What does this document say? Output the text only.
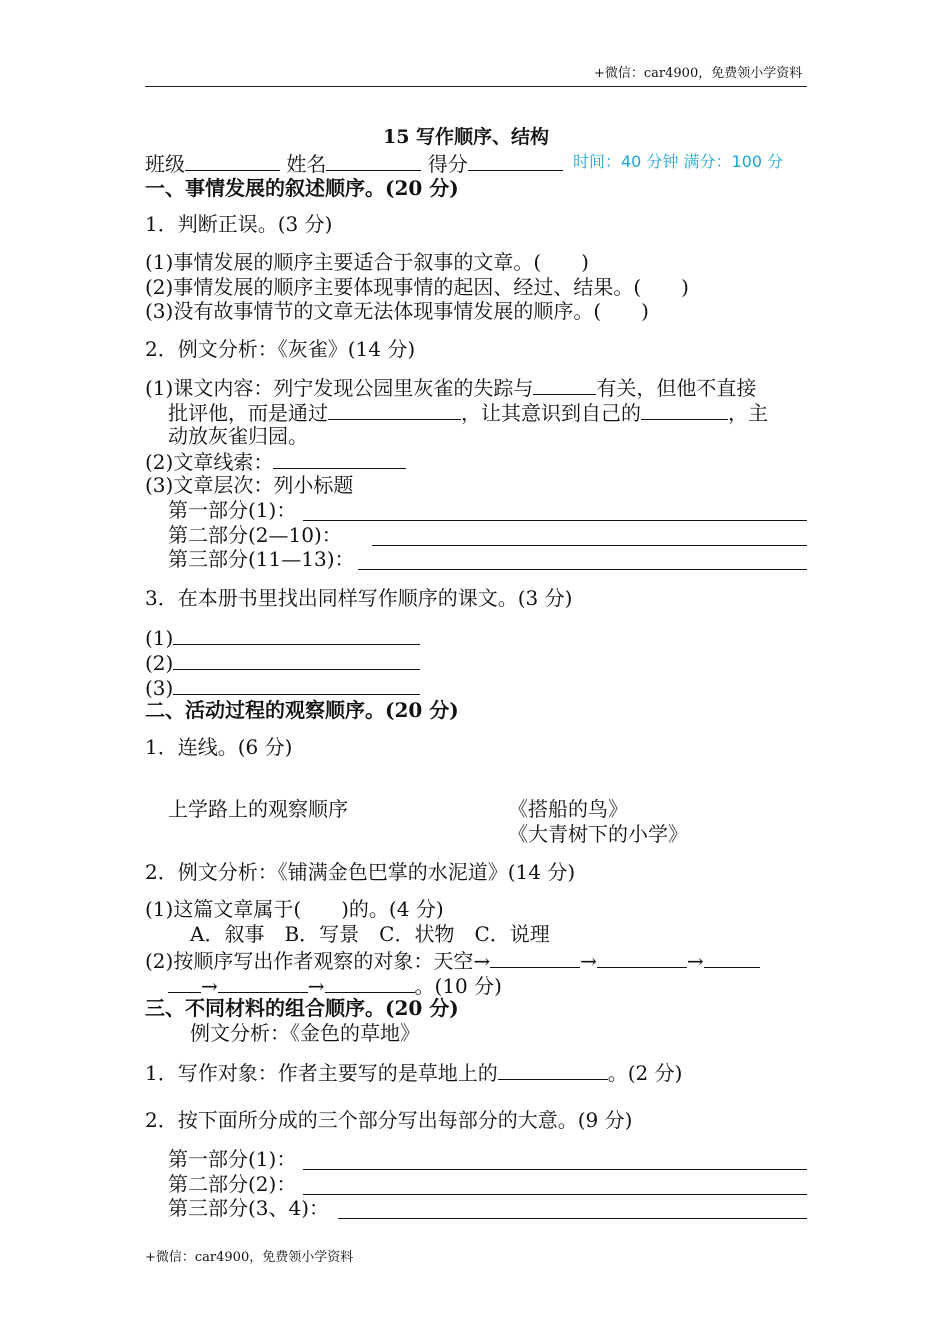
+微信：car4900，免费领小学资料
15 写作顺序、结构
班级	姓名	得分	时间：40 分钟 满分：100 分
一、事情发展的叙述顺序。(20 分)
1．判断正误。(3 分)
(1)事情发展的顺序主要适合于叙事的文章。(　　)
(2)事情发展的顺序主要体现事情的起因、经过、结果。(　　)
(3)没有故事情节的文章无法体现事情发展的顺序。(　　)
2．例文分析：《灰雀》(14 分)
(1)课文内容：列宁发现公园里灰雀的失踪与	有关，但他不直接
批评他，而是通过	，让其意识到自己的	，主
动放灰雀归园。
(2)文章线索：
(3)文章层次：列小标题
第一部分(1)：
第二部分(2—10)：
第三部分(11—13)：
3．在本册书里找出同样写作顺序的课文。(3 分)
(1)
(2)
(3)
二、活动过程的观察顺序。(20 分)
1．连线。(6 分)
上学路上的观察顺序	《搭船的鸟》
《大青树下的小学》
2．例文分析：《铺满金色巴掌的水泥道》(14 分)
(1)这篇文章属于(　　)的。(4 分)
A．叙事　B．写景　C．状物　C．说理
(2)按顺序写出作者观察的对象：天空→	→	→
→	→	。(10 分)
三、不同材料的组合顺序。(20 分)
例文分析：《金色的草地》
1．写作对象：作者主要写的是草地上的	。(2 分)
2．按下面所分成的三个部分写出每部分的大意。(9 分)
第一部分(1)：
第二部分(2)：
第三部分(3、4)：
+微信：car4900，免费领小学资料
